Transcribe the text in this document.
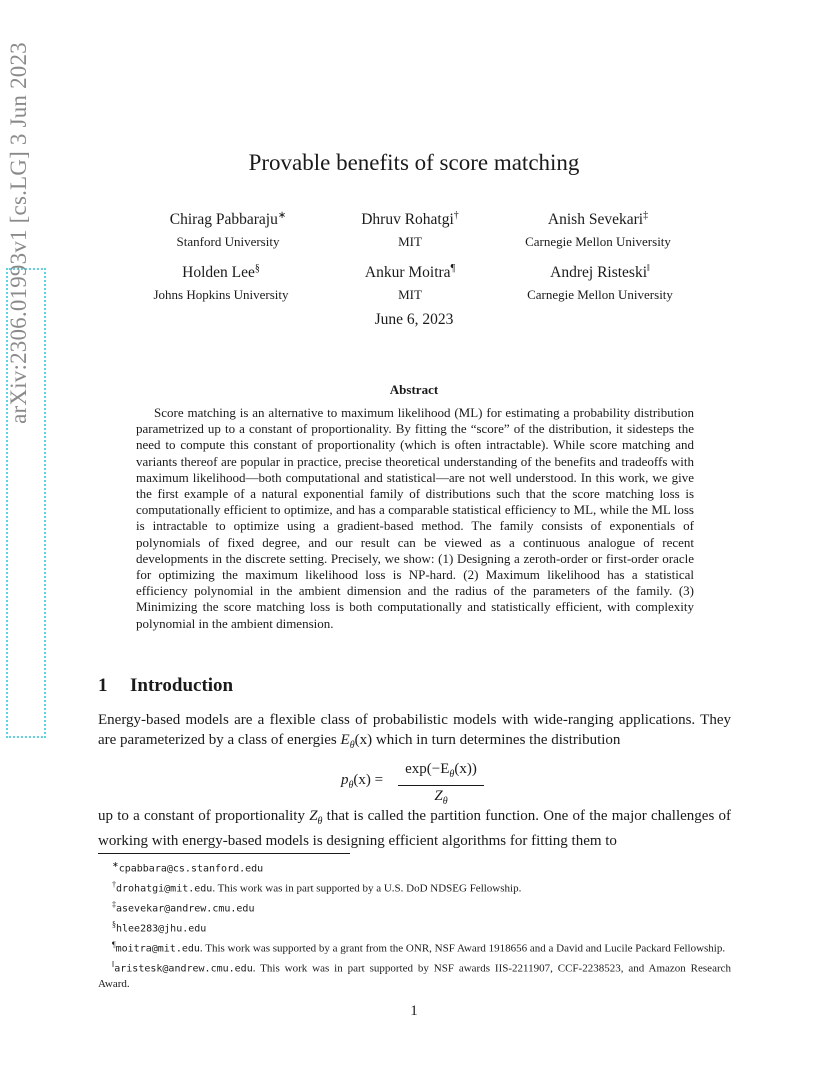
arXiv:2306.01993v1 [cs.LG] 3 Jun 2023	Provable benefits of score matching
Chirag Pabbaraju∗
Stanford University
Dhruv Rohatgi†
MIT
Anish Sevekari‡
Carnegie Mellon University
Holden Lee§
Johns Hopkins University
Ankur Moitra¶
MIT
Andrej Risteski‖
Carnegie Mellon University
June 6, 2023
Abstract

Score matching is an alternative to maximum likelihood (ML) for estimating a probability distribution parametrized up to a constant of proportionality. By fitting the “score” of the distribution, it sidesteps the need to compute this constant of proportionality (which is often intractable). While score matching and variants thereof are popular in practice, precise theoretical understanding of the benefits and tradeoffs with maximum likelihood—both computational and statistical—are not well understood. In this work, we give the first example of a natural exponential family of distributions such that the score matching loss is computationally efficient to optimize, and has a comparable statistical efficiency to ML, while the ML loss is intractable to optimize using a gradient-based method. The family consists of exponentials of polynomials of fixed degree, and our result can be viewed as a continuous analogue of recent developments in the discrete setting. Precisely, we show: (1) Designing a zeroth-order or first-order oracle for optimizing the maximum likelihood loss is NP-hard. (2) Maximum likelihood has a statistical efficiency polynomial in the ambient dimension and the radius of the parameters of the family. (3) Minimizing the score matching loss is both computationally and statistically efficient, with complexity polynomial in the ambient dimension.

1 Introduction

Energy-based models are a flexible class of probabilistic models with wide-ranging applications. They are parameterized by a class of energies $E_\theta(x)$ which in turn determines the distribution

$p_\theta(x)$ =
$\exp(-E_\theta(x))$
$Z_\theta$

up to a constant of proportionality $Z_\theta$ that is called the partition function. One of the major challenges of working with energy-based models is designing efficient algorithms for fitting them to

∗cpabbara@cs.stanford.edu

†drohatgi@mit.edu. This work was in part supported by a U.S. DoD NDSEG Fellowship.

‡asevekar@andrew.cmu.edu

§hlee283@jhu.edu

¶moitra@mit.edu. This work was supported by a grant from the ONR, NSF Award 1918656 and a David and Lucile Packard Fellowship.

‖aristesk@andrew.cmu.edu. This work was in part supported by NSF awards IIS-2211907, CCF-2238523, and Amazon Research Award.

1
